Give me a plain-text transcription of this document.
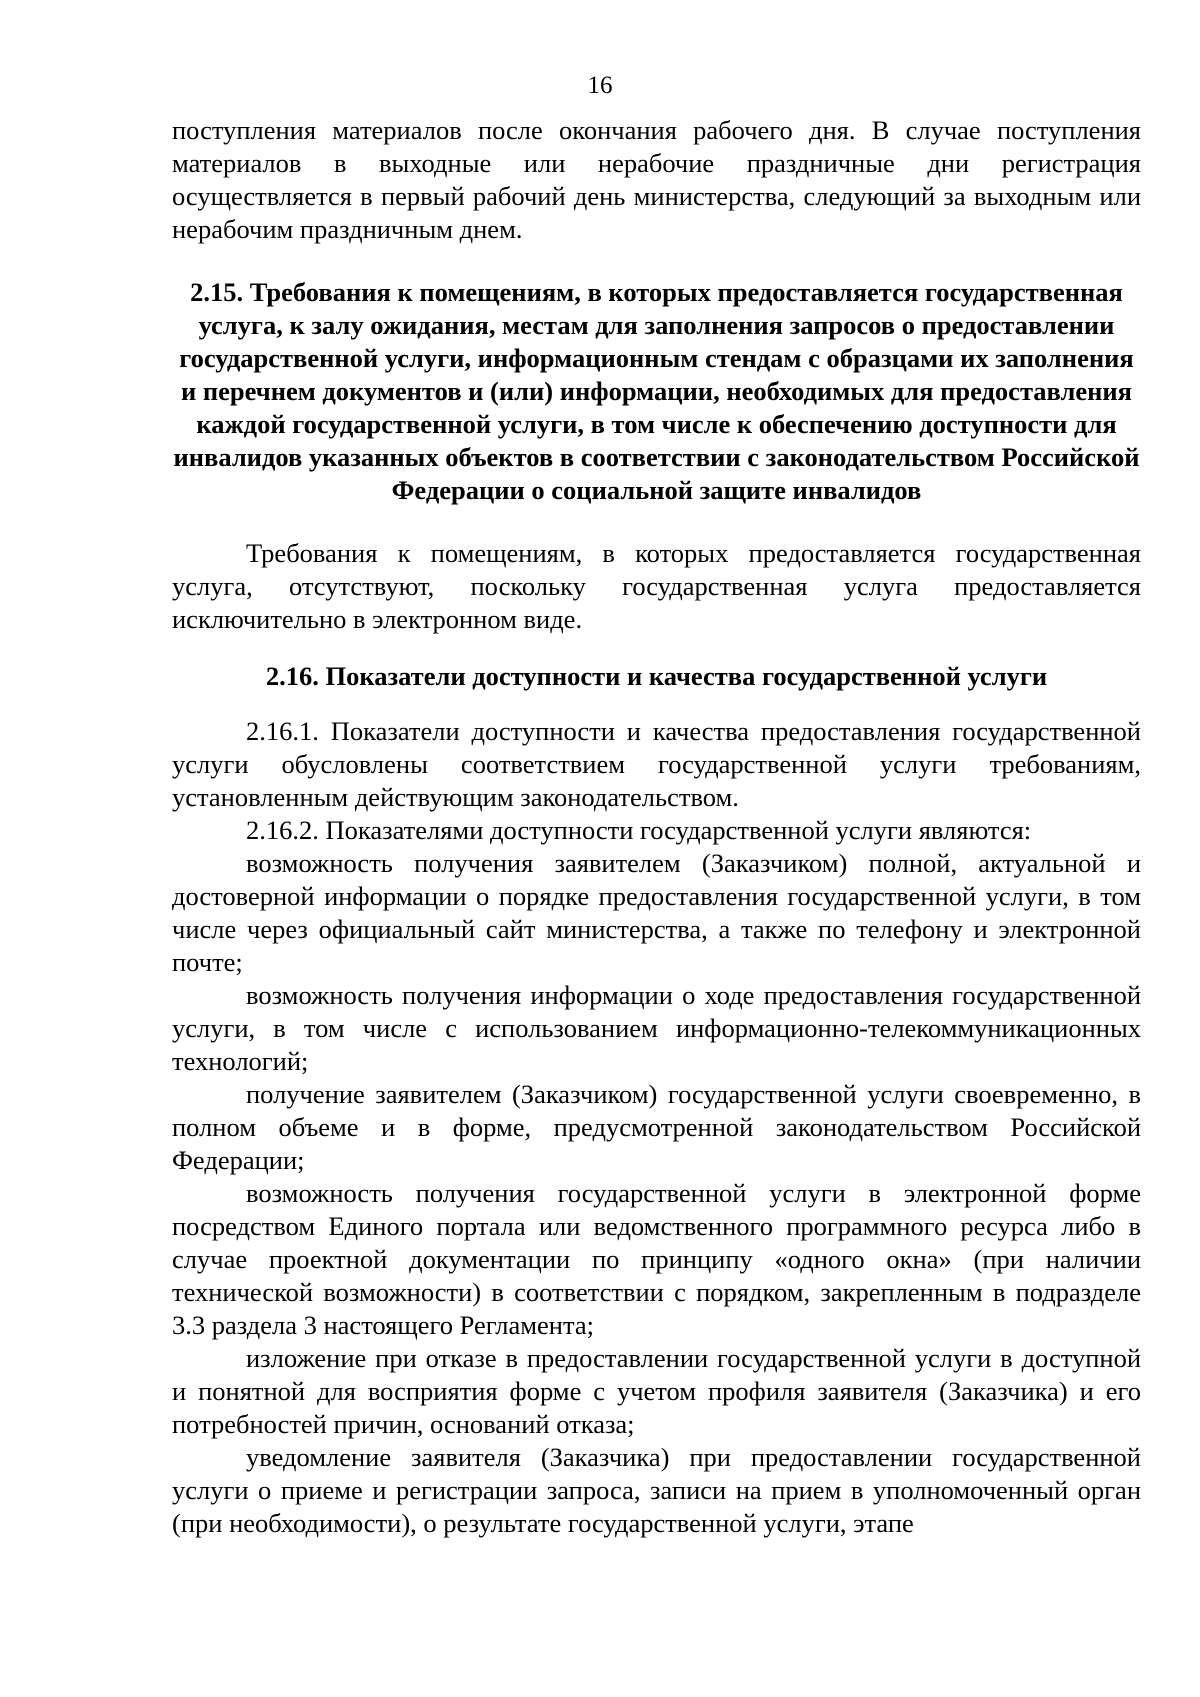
16

поступления материалов после окончания рабочего дня. В случае поступления материалов в выходные или нерабочие праздничные дни регистрация осуществляется в первый рабочий день министерства, следующий за выходным или нерабочим праздничным днем.

2.15. Требования к помещениям, в которых предоставляется государственная услуга, к залу ожидания, местам для заполнения запросов о предоставлении государственной услуги, информационным стендам с образцами их заполнения и перечнем документов и (или) информации, необходимых для предоставления каждой государственной услуги, в том числе к обеспечению доступности для инвалидов указанных объектов в соответствии с законодательством Российской Федерации о социальной защите инвалидов

Требования к помещениям, в которых предоставляется государственная услуга, отсутствуют, поскольку государственная услуга предоставляется исключительно в электронном виде.

2.16. Показатели доступности и качества государственной услуги

2.16.1. Показатели доступности и качества предоставления государственной услуги обусловлены соответствием государственной услуги требованиям, установленным действующим законодательством.

2.16.2. Показателями доступности государственной услуги являются:

возможность получения заявителем (Заказчиком) полной, актуальной и достоверной информации о порядке предоставления государственной услуги, в том числе через официальный сайт министерства, а также по телефону и электронной почте;

возможность получения информации о ходе предоставления государственной услуги, в том числе с использованием информационно-телекоммуникационных технологий;

получение заявителем (Заказчиком) государственной услуги своевременно, в полном объеме и в форме, предусмотренной законодательством Российской Федерации;

возможность получения государственной услуги в электронной форме посредством Единого портала или ведомственного программного ресурса либо в случае проектной документации по принципу «одного окна» (при наличии технической возможности) в соответствии с порядком, закрепленным в подразделе 3.3 раздела 3 настоящего Регламента;

изложение при отказе в предоставлении государственной услуги в доступной и понятной для восприятия форме с учетом профиля заявителя (Заказчика) и его потребностей причин, оснований отказа;

уведомление заявителя (Заказчика) при предоставлении государственной услуги о приеме и регистрации запроса, записи на прием в уполномоченный орган (при необходимости), о результате государственной услуги, этапе
